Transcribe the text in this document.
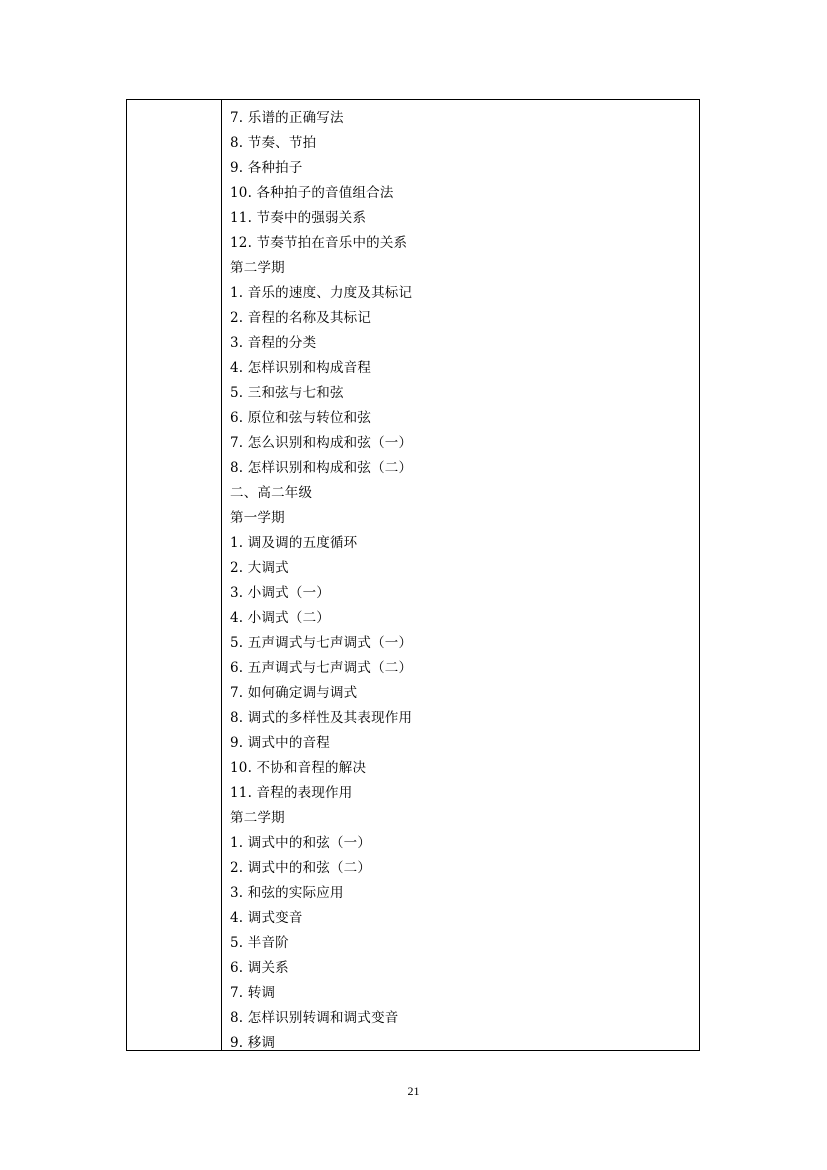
7. 乐谱的正确写法
8. 节奏、节拍
9. 各种拍子
10. 各种拍子的音值组合法
11. 节奏中的强弱关系
12. 节奏节拍在音乐中的关系
第二学期
1. 音乐的速度、力度及其标记
2. 音程的名称及其标记
3. 音程的分类
4. 怎样识别和构成音程
5. 三和弦与七和弦
6. 原位和弦与转位和弦
7. 怎么识别和构成和弦（一）
8. 怎样识别和构成和弦（二）
二、高二年级
第一学期
1. 调及调的五度循环
2. 大调式
3. 小调式（一）
4. 小调式（二）
5. 五声调式与七声调式（一）
6. 五声调式与七声调式（二）
7. 如何确定调与调式
8. 调式的多样性及其表现作用
9. 调式中的音程
10. 不协和音程的解决
11. 音程的表现作用
第二学期
1. 调式中的和弦（一）
2. 调式中的和弦（二）
3. 和弦的实际应用
4. 调式变音
5. 半音阶
6. 调关系
7. 转调
8. 怎样识别转调和调式变音
9. 移调
21
